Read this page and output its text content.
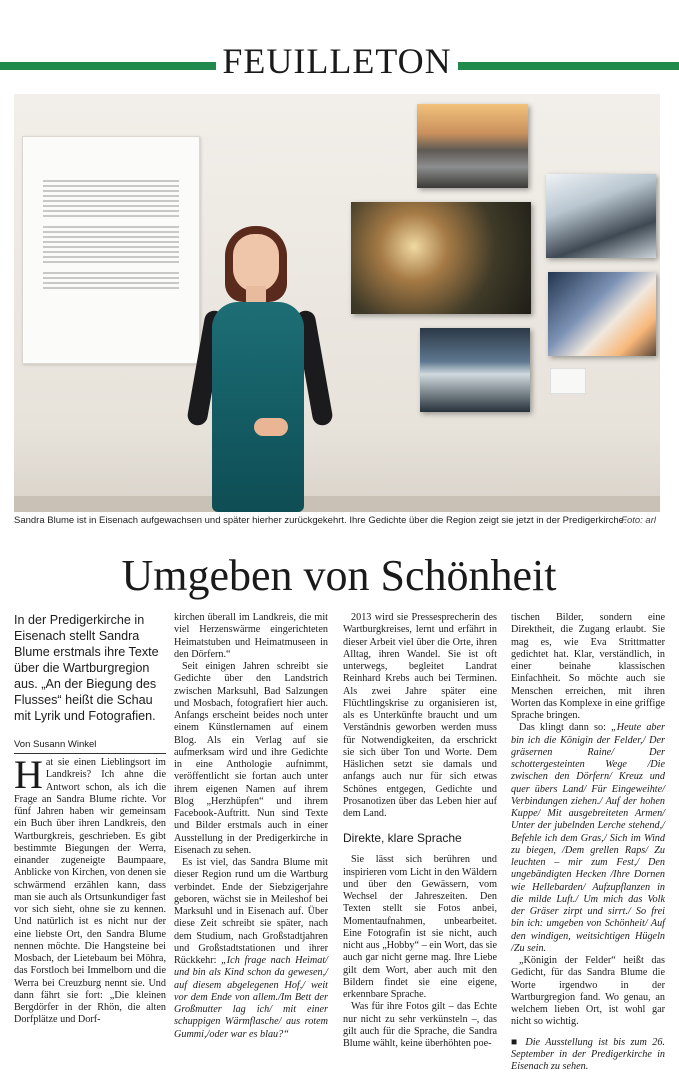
FEUILLETON
Sandra Blume ist in Eisenach aufgewachsen und später hierher zurückgekehrt. Ihre Gedichte über die Region zeigt sie jetzt in der Predigerkirche.
Foto: arl
Umgeben von Schönheit
In der Predigerkirche in Eisenach stellt Sandra Blume erstmals ihre Texte über die Wartburgregion aus. „An der Biegung des Flusses“ heißt die Schau mit Lyrik und Fotografien.
Von Susann Winkel

Hat sie einen Lieblingsort im Landkreis? Ich ahne die Antwort schon, als ich die Frage an Sandra Blume richte. Vor fünf Jahren haben wir gemeinsam ein Buch über ihren Landkreis, den Wartburgkreis, geschrieben. Es gibt bestimmte Biegungen der Werra, einander zugeneigte Baumpaare, Anblicke von Kirchen, von denen sie schwärmend erzählen kann, dass man sie auch als Ortsunkundiger fast vor sich sieht, ohne sie zu kennen. Und natürlich ist es nicht nur der eine liebste Ort, den Sandra Blume nennen möchte. Die Hangsteine bei Mosbach, der Lietebaum bei Möhra, das Forstloch bei Immelborn und die Werra bei Creuzburg nennt sie. Und dann fährt sie fort: „Die kleinen Bergdörfer in der Rhön, die alten Dorfplätze und Dorf-

kirchen überall im Landkreis, die mit viel Herzenswärme eingerichteten Heimatstuben und Heimatmuseen in den Dörfern.“

Seit einigen Jahren schreibt sie Gedichte über den Landstrich zwischen Marksuhl, Bad Salzungen und Mosbach, fotografiert hier auch. Anfangs erscheint beides noch unter einem Künstlernamen auf einem Blog. Als ein Verlag auf sie aufmerksam wird und ihre Gedichte in eine Anthologie aufnimmt, veröffentlicht sie fortan auch unter ihrem eigenen Namen auf ihrem Blog „Herzhüpfen“ und ihrem Facebook-Auftritt. Nun sind Texte und Bilder erstmals auch in einer Ausstellung in der Predigerkirche in Eisenach zu sehen.

Es ist viel, das Sandra Blume mit dieser Region rund um die Wartburg verbindet. Ende der Siebzigerjahre geboren, wächst sie in Meileshof bei Marksuhl und in Eisenach auf. Über diese Zeit schreibt sie später, nach dem Studium, nach Großstadtjahren und Großstadtstationen und ihrer Rückkehr: „Ich frage nach Heimat/ und bin als Kind schon da gewesen,/ auf diesem abgelegenen Hof,/ weit vor dem Ende von allem./Im Bett der Großmutter lag ich/ mit einer schuppigen Wärmflasche/ aus rotem Gummi,/oder war es blau?“

2013 wird sie Pressesprecherin des Wartburgkreises, lernt und erfährt in dieser Arbeit viel über die Orte, ihren Alltag, ihren Wandel. Sie ist oft unterwegs, begleitet Landrat Reinhard Krebs auch bei Terminen. Als zwei Jahre später eine Flüchtlingskrise zu organisieren ist, als es Unterkünfte braucht und um Verständnis geworben werden muss für Notwendigkeiten, da erschrickt sie sich über Ton und Worte. Dem Häslichen setzt sie damals und anfangs auch nur für sich etwas Schönes entgegen, Gedichte und Prosanotizen über das Leben hier auf dem Land.

Direkte, klare Sprache

Sie lässt sich berühren und inspirieren vom Licht in den Wäldern und über den Gewässern, vom Wechsel der Jahreszeiten. Den Texten stellt sie Fotos anbei, Momentaufnahmen, unbearbeitet. Eine Fotografin ist sie nicht, auch nicht aus „Hobby“ – ein Wort, das sie auch gar nicht gerne mag. Ihre Liebe gilt dem Wort, aber auch mit den Bildern findet sie eine eigene, erkennbare Sprache.

Was für ihre Fotos gilt – das Echte nur nicht zu sehr verkünsteln –, das gilt auch für die Sprache, die Sandra Blume wählt, keine überhöhten poe-

tischen Bilder, sondern eine Direktheit, die Zugang erlaubt. Sie mag es, wie Eva Strittmatter gedichtet hat. Klar, verständlich, in einer beinahe klassischen Einfachheit. So möchte auch sie Menschen erreichen, mit ihren Worten das Komplexe in eine griffige Sprache bringen.

Das klingt dann so: „Heute aber bin ich die Königin der Felder,/ Der gräsernen Raine/ Der schottergesteinten Wege /Die zwischen den Dörfern/ Kreuz und quer übers Land/ Für Eingeweihte/ Verbindungen ziehen./ Auf der hohen Kuppe/ Mit ausgebreiteten Armen/ Unter der jubelnden Lerche stehend,/ Befehle ich dem Gras,/ Sich im Wind zu biegen, /Dem grellen Raps/ Zu leuchten – mir zum Fest,/ Den ungebändigten Hecken /Ihre Dornen wie Hellebarden/ Aufzupflanzen in die milde Luft./ Um mich das Volk der Gräser zirpt und sirrt./ So frei bin ich: umgeben von Schönheit/ Auf den windigen, weitsichtigen Hügeln /Zu sein.

„Königin der Felder“ heißt das Gedicht, für das Sandra Blume die Worte irgendwo in der Wartburgregion fand. Wo genau, an welchem lieben Ort, ist wohl gar nicht so wichtig.

■ Die Ausstellung ist bis zum 26. September in der Predigerkirche in Eisenach zu sehen.
